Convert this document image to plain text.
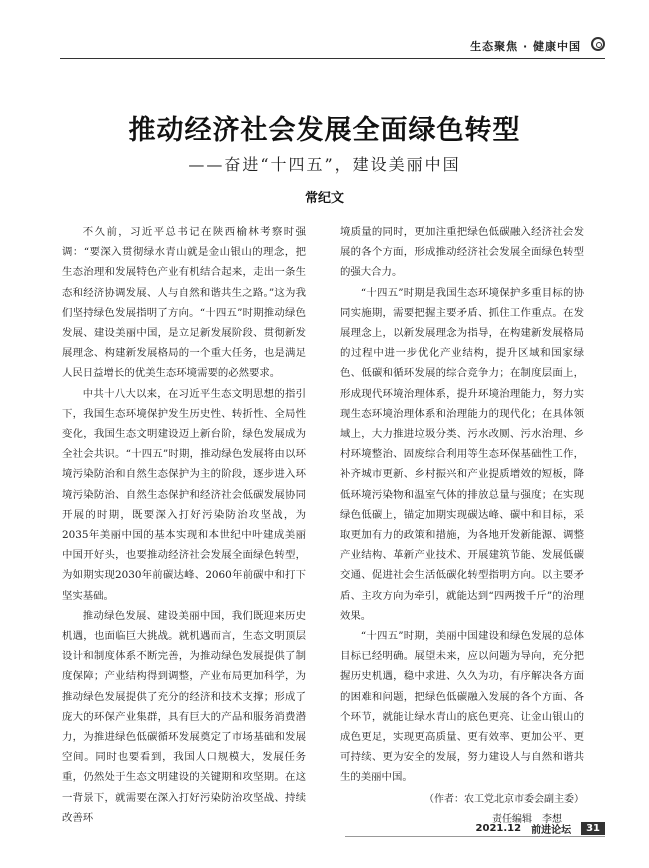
生态聚焦 · 健康中国
推动经济社会发展全面绿色转型
——奋进“十四五”，建设美丽中国
常纪文

不久前，习近平总书记在陕西榆林考察时强调：“要深入贯彻绿水青山就是金山银山的理念，把生态治理和发展特色产业有机结合起来，走出一条生态和经济协调发展、人与自然和谐共生之路。”这为我们坚持绿色发展指明了方向。“十四五”时期推动绿色发展、建设美丽中国，是立足新发展阶段、贯彻新发展理念、构建新发展格局的一个重大任务，也是满足人民日益增长的优美生态环境需要的必然要求。

中共十八大以来，在习近平生态文明思想的指引下，我国生态环境保护发生历史性、转折性、全局性变化，我国生态文明建设迈上新台阶，绿色发展成为全社会共识。“十四五”时期，推动绿色发展将由以环境污染防治和自然生态保护为主的阶段，逐步进入环境污染防治、自然生态保护和经济社会低碳发展协同开展的时期，既要深入打好污染防治攻坚战，为2035年美丽中国的基本实现和本世纪中叶建成美丽中国开好头，也要推动经济社会发展全面绿色转型，为如期实现2030年前碳达峰、2060年前碳中和打下坚实基础。

推动绿色发展、建设美丽中国，我们既迎来历史机遇，也面临巨大挑战。就机遇而言，生态文明顶层设计和制度体系不断完善，为推动绿色发展提供了制度保障；产业结构得到调整，产业布局更加科学，为推动绿色发展提供了充分的经济和技术支撑；形成了庞大的环保产业集群，具有巨大的产品和服务消费潜力，为推进绿色低碳循环发展奠定了市场基础和发展空间。同时也要看到，我国人口规模大，发展任务重，仍然处于生态文明建设的关键期和攻坚期。在这一背景下，就需要在深入打好污染防治攻坚战、持续改善环

境质量的同时，更加注重把绿色低碳融入经济社会发展的各个方面，形成推动经济社会发展全面绿色转型的强大合力。

“十四五”时期是我国生态环境保护多重目标的协同实施期，需要把握主要矛盾、抓住工作重点。在发展理念上，以新发展理念为指导，在构建新发展格局的过程中进一步优化产业结构，提升区域和国家绿色、低碳和循环发展的综合竞争力；在制度层面上，形成现代环境治理体系，提升环境治理能力，努力实现生态环境治理体系和治理能力的现代化；在具体领域上，大力推进垃圾分类、污水改厕、污水治理、乡村环境整治、固废综合利用等生态环保基础性工作，补齐城市更新、乡村振兴和产业提质增效的短板，降低环境污染物和温室气体的排放总量与强度；在实现绿色低碳上，锚定加期实现碳达峰、碳中和目标，采取更加有力的政策和措施，为各地开发新能源、调整产业结构、革新产业技术、开展建筑节能、发展低碳交通、促进社会生活低碳化转型指明方向。以主要矛盾、主攻方向为牵引，就能达到“四两拨千斤”的治理效果。

“十四五”时期，美丽中国建设和绿色发展的总体目标已经明确。展望未来，应以问题为导向，充分把握历史机遇，稳中求进、久久为功，有序解决各方面的困难和问题，把绿色低碳融入发展的各个方面、各个环节，就能让绿水青山的底色更亮、让金山银山的成色更足，实现更高质量、更有效率、更加公平、更可持续、更为安全的发展，努力建设人与自然和谐共生的美丽中国。

（作者：农工党北京市委会副主委）
责任编辑　李想
2021.12 前进论坛	31
